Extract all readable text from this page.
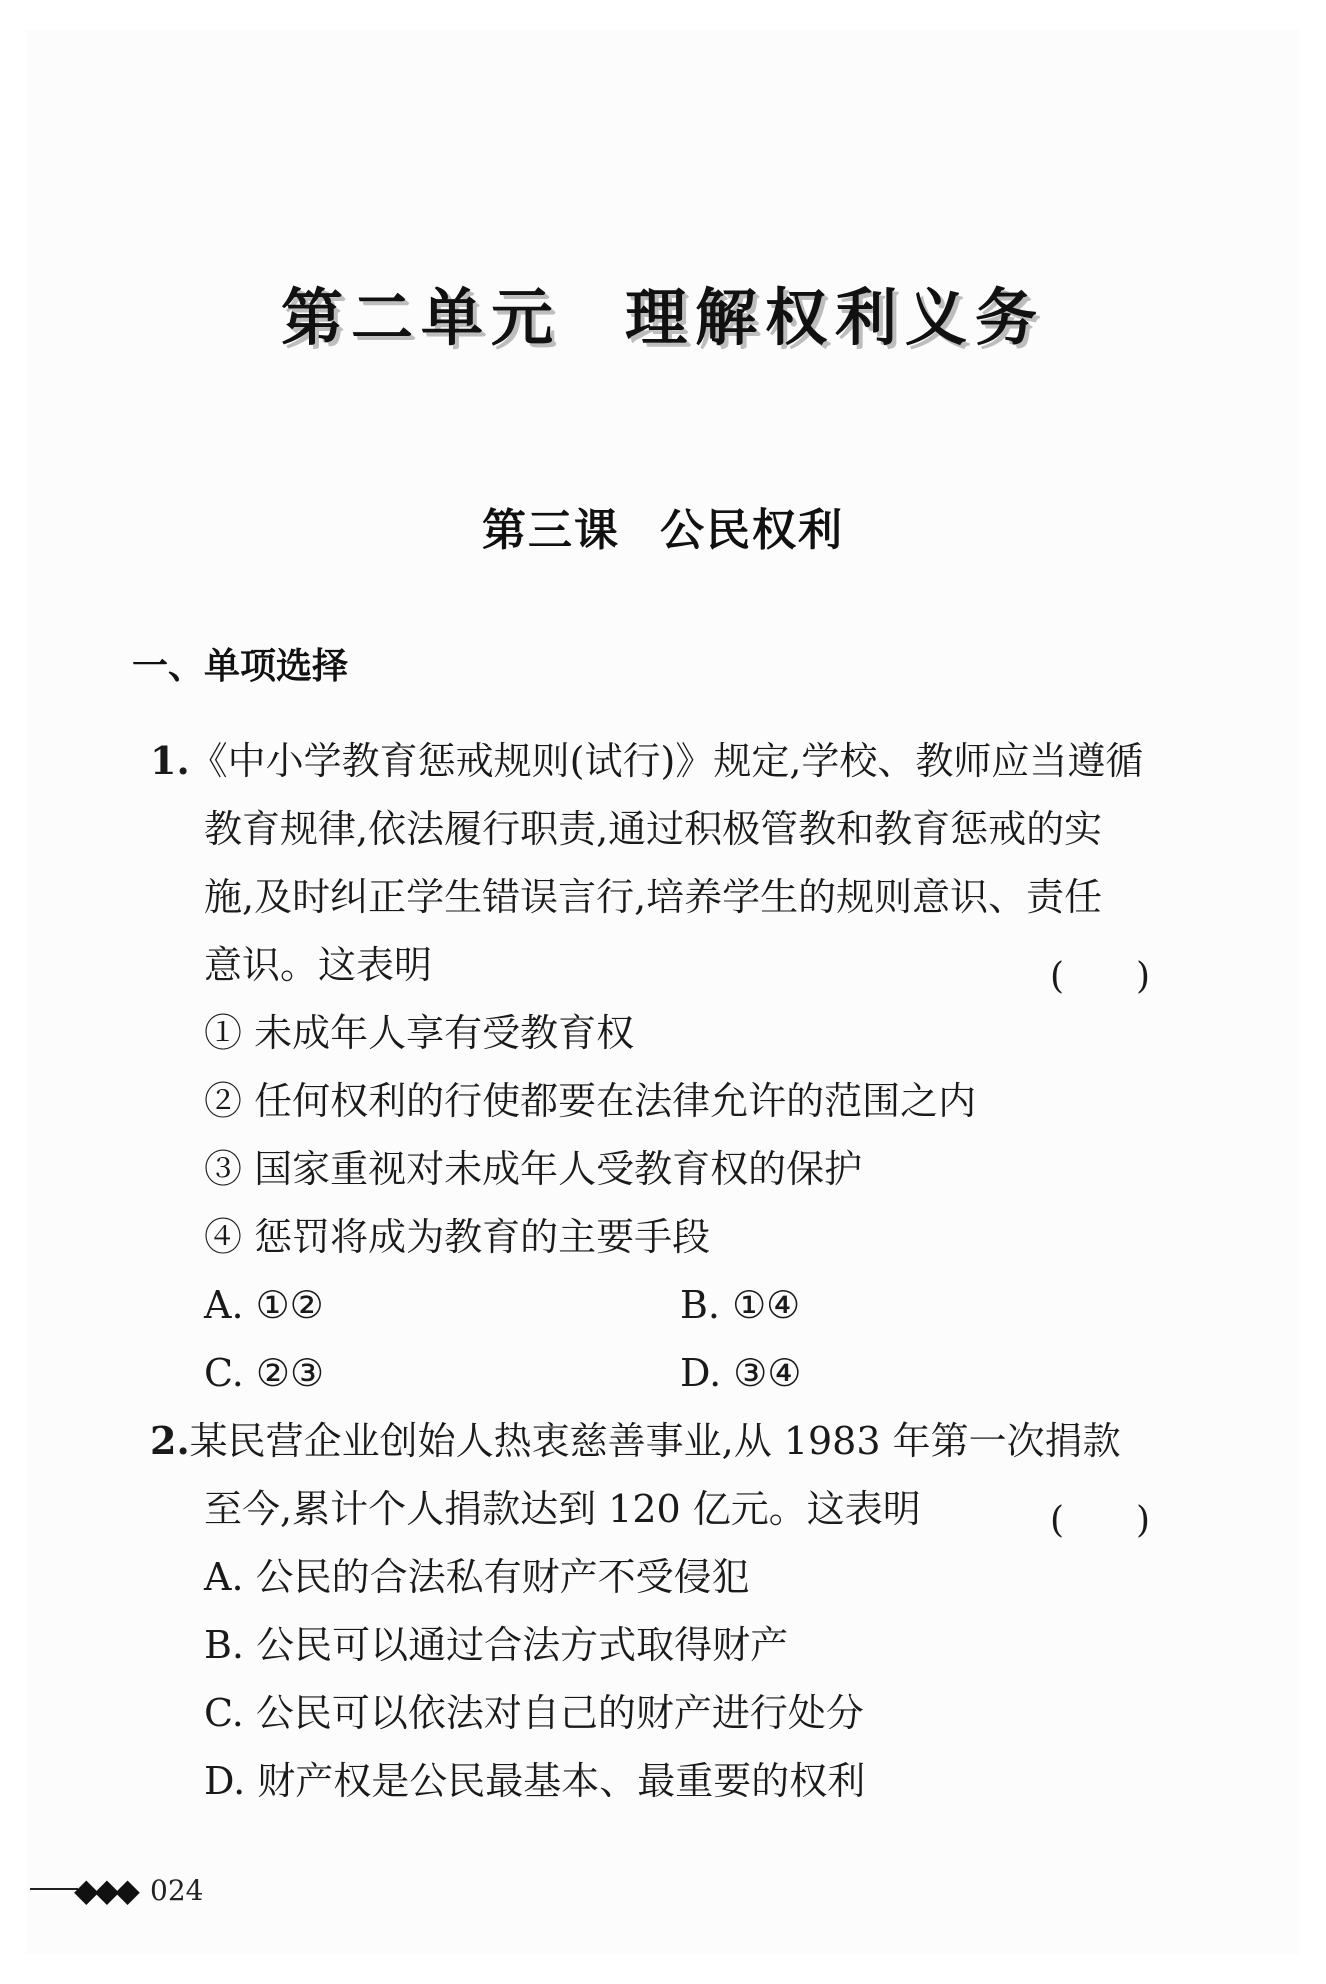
第二单元 理解权利义务
第三课 公民权利
一、单项选择
1.《中小学教育惩戒规则(试行)》规定,学校、教师应当遵循
教育规律,依法履行职责,通过积极管教和教育惩戒的实
施,及时纠正学生错误言行,培养学生的规则意识、责任
意识。这表明	(　　)
① 未成年人享有受教育权
② 任何权利的行使都要在法律允许的范围之内
③ 国家重视对未成年人受教育权的保护
④ 惩罚将成为教育的主要手段
A. ①②	B. ①④
C. ②③	D. ③④
2.某民营企业创始人热衷慈善事业,从 1983 年第一次捐款
至今,累计个人捐款达到 120 亿元。这表明	(　　)
A. 公民的合法私有财产不受侵犯
B. 公民可以通过合法方式取得财产
C. 公民可以依法对自己的财产进行处分
D. 财产权是公民最基本、最重要的权利
◆◆◆ 024
